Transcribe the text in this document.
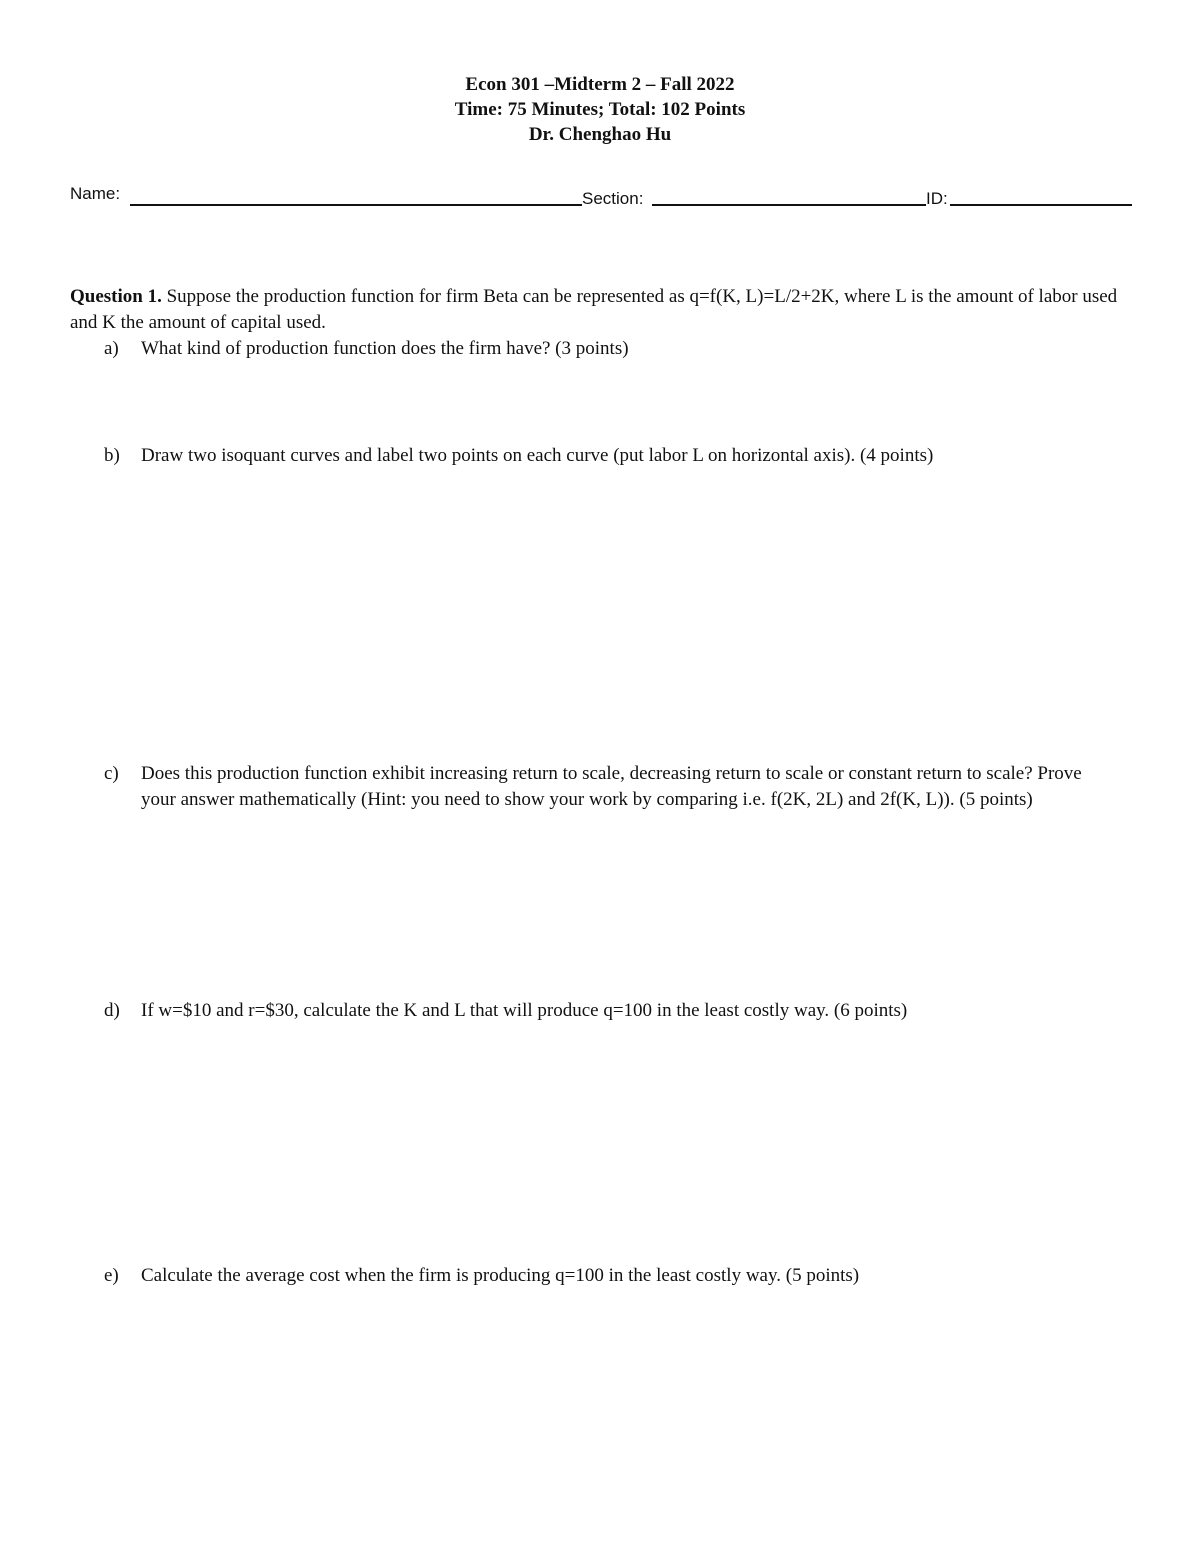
Econ 301 –Midterm 2 – Fall 2022
Time: 75 Minutes; Total: 102 Points
Dr. Chenghao Hu
Name:	Section:	ID:
Question 1. Suppose the production function for firm Beta can be represented as q=f(K, L)=L/2+2K, where L is the amount of labor used and K the amount of capital used.
a) What kind of production function does the firm have? (3 points)
b) Draw two isoquant curves and label two points on each curve (put labor L on horizontal axis). (4 points)
c) Does this production function exhibit increasing return to scale, decreasing return to scale or constant return to scale? Prove your answer mathematically (Hint: you need to show your work by comparing i.e. f(2K, 2L) and 2f(K, L)). (5 points)
d) If w=$10 and r=$30, calculate the K and L that will produce q=100 in the least costly way. (6 points)
e) Calculate the average cost when the firm is producing q=100 in the least costly way. (5 points)
